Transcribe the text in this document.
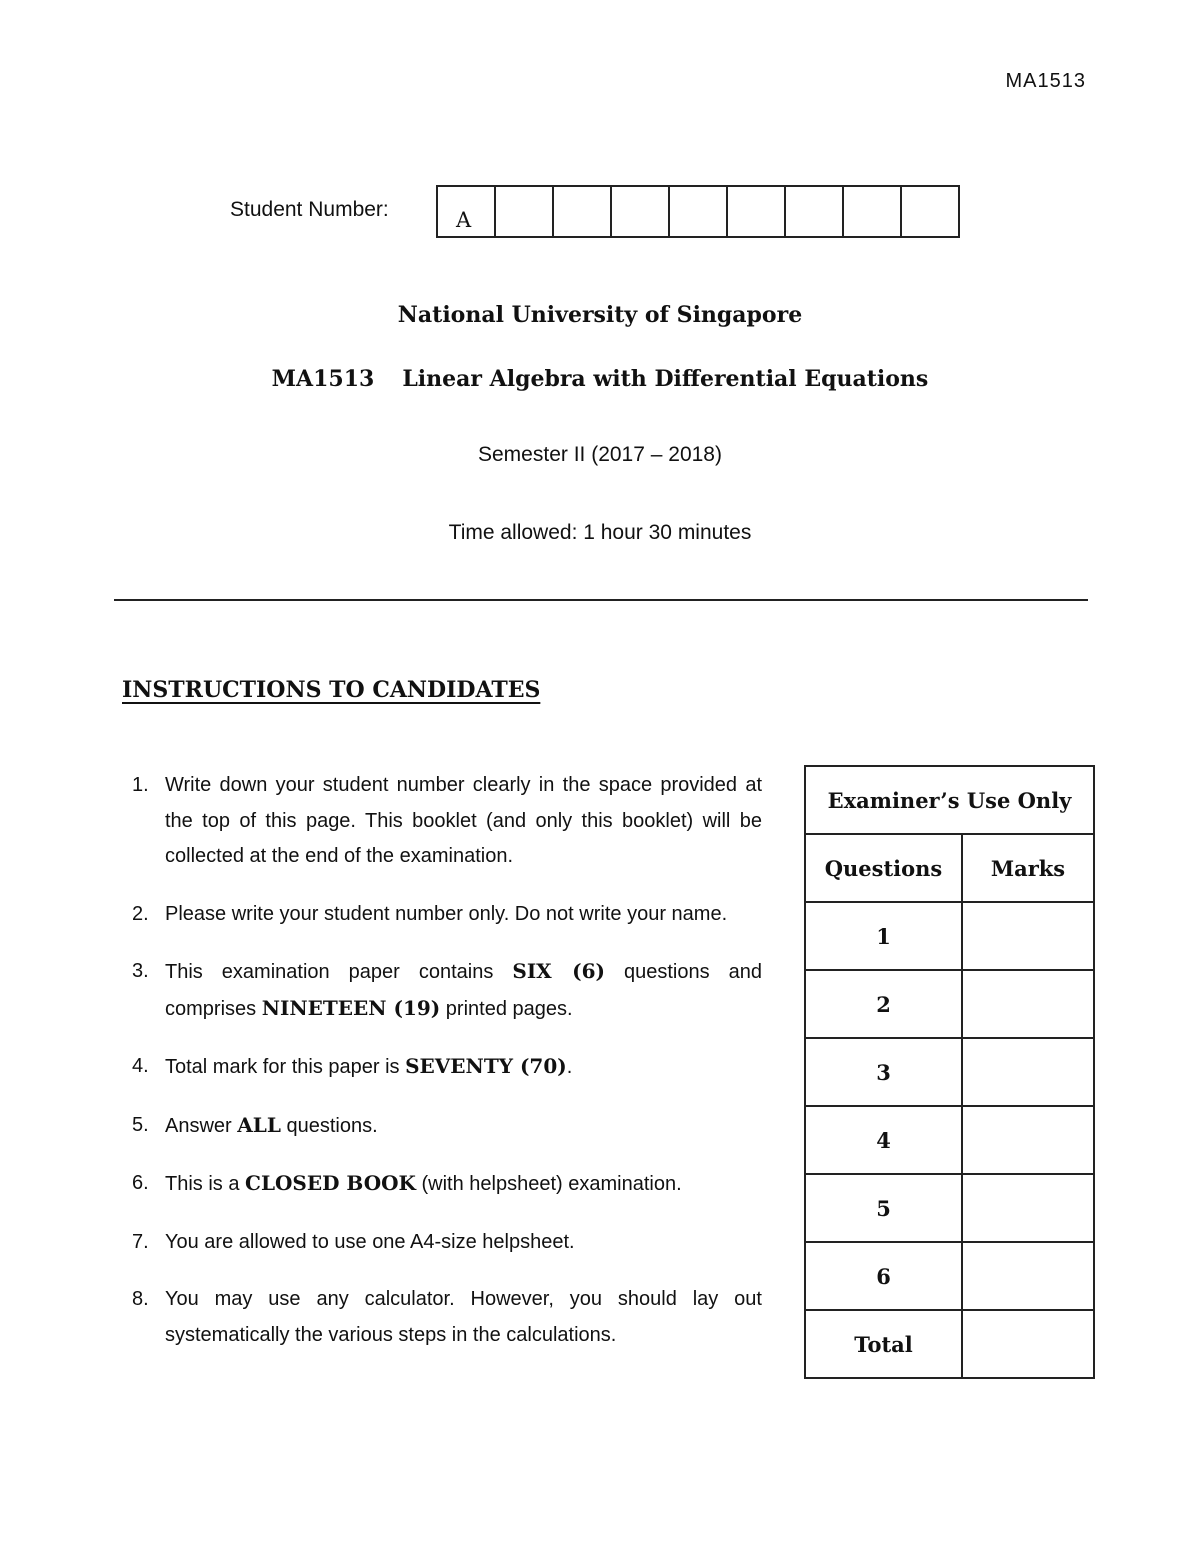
MA1513
Student Number:	A
National University of Singapore
MA1513 Linear Algebra with Differential Equations
Semester II (2017 – 2018)
Time allowed: 1 hour 30 minutes
INSTRUCTIONS TO CANDIDATES
1. Write down your student number clearly in the space provided at the top of this page. This booklet (and only this booklet) will be collected at the end of the examination.
2. Please write your student number only. Do not write your name.
3. This examination paper contains SIX (6) questions and comprises NINETEEN (19) printed pages.
4. Total mark for this paper is SEVENTY (70).
5. Answer ALL questions.
6. This is a CLOSED BOOK (with helpsheet) examination.
7. You are allowed to use one A4-size helpsheet.
8. You may use any calculator. However, you should lay out systematically the various steps in the calculations.
Examiner’s Use Only	
Questions	Marks
1	
2	
3	
4	
5	
6	
Total	
